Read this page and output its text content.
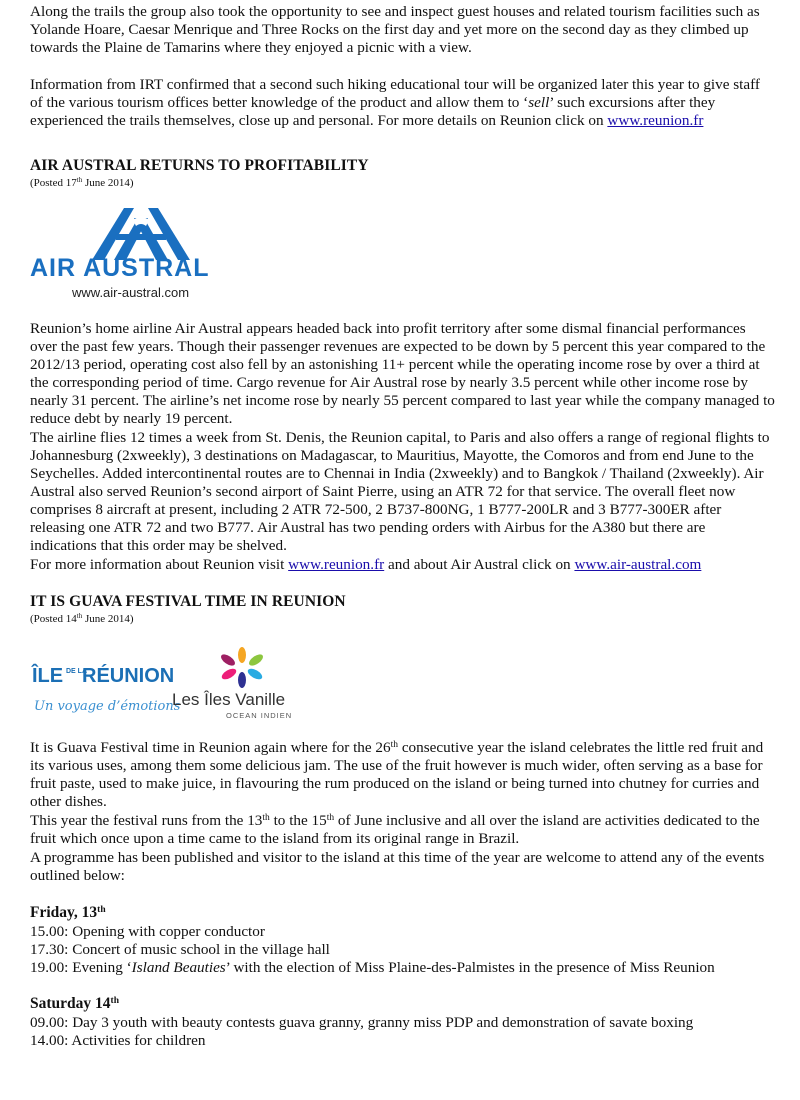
Along the trails the group also took the opportunity to see and inspect guest houses and related tourism facilities such as Yolande Hoare, Caesar Menrique and Three Rocks on the first day and yet more on the second day as they climbed up towards the Plaine de Tamarins where they enjoyed a picnic with a view.

Information from IRT confirmed that a second such hiking educational tour will be organized later this year to give staff of the various tourism offices better knowledge of the product and allow them to ‘sell’ such excursions after they experienced the trails themselves, close up and personal. For more details on Reunion click on www.reunion.fr

AIR AUSTRAL RETURNS TO PROFITABILITY

(Posted 17th June 2014)

AIR AUSTRAL
www.air-austral.com

Reunion’s home airline Air Austral appears headed back into profit territory after some dismal financial performances over the past few years. Though their passenger revenues are expected to be down by 5 percent this year compared to the 2012/13 period, operating cost also fell by an astonishing 11+ percent while the operating income rose by over a third at the corresponding period of time. Cargo revenue for Air Austral rose by nearly 3.5 percent while other income rose by nearly 31 percent. The airline’s net income rose by nearly 55 percent compared to last year while the company managed to reduce debt by nearly 19 percent.

The airline flies 12 times a week from St. Denis, the Reunion capital, to Paris and also offers a range of regional flights to Johannesburg (2xweekly), 3 destinations on Madagascar, to Mauritius, Mayotte, the Comoros and from end June to the Seychelles. Added intercontinental routes are to Chennai in India (2xweekly) and to Bangkok / Thailand (2xweekly). Air Austral also served Reunion’s second airport of Saint Pierre, using an ATR 72 for that service. The overall fleet now comprises 8 aircraft at present, including 2 ATR 72-500, 2 B737-800NG, 1 B777-200LR and 3 B777-300ER after releasing one ATR 72 and two B777. Air Austral has two pending orders with Airbus for the A380 but there are indications that this order may be shelved.

For more information about Reunion visit www.reunion.fr and about Air Austral click on www.air-austral.com

IT IS GUAVA FESTIVAL TIME IN REUNION

(Posted 14th June 2014)

ÎLE DE LA
RÉUNION
Un voyage d’émotions
Les Îles Vanille
OCEAN INDIEN

It is Guava Festival time in Reunion again where for the 26th consecutive year the island celebrates the little red fruit and its various uses, among them some delicious jam. The use of the fruit however is much wider, often serving as a base for fruit paste, used to make juice, in flavouring the rum produced on the island or being turned into chutney for curries and other dishes.

This year the festival runs from the 13th to the 15th of June inclusive and all over the island are activities dedicated to the fruit which once upon a time came to the island from its original range in Brazil.

A programme has been published and visitor to the island at this time of the year are welcome to attend any of the events outlined below:

Friday, 13th

15.00: Opening with copper conductor

17.30: Concert of music school in the village hall

19.00: Evening ‘Island Beauties’ with the election of Miss Plaine-des-Palmistes in the presence of Miss Reunion

Saturday 14th

09.00: Day 3 youth with beauty contests guava granny, granny miss PDP and demonstration of savate boxing

14.00: Activities for children
